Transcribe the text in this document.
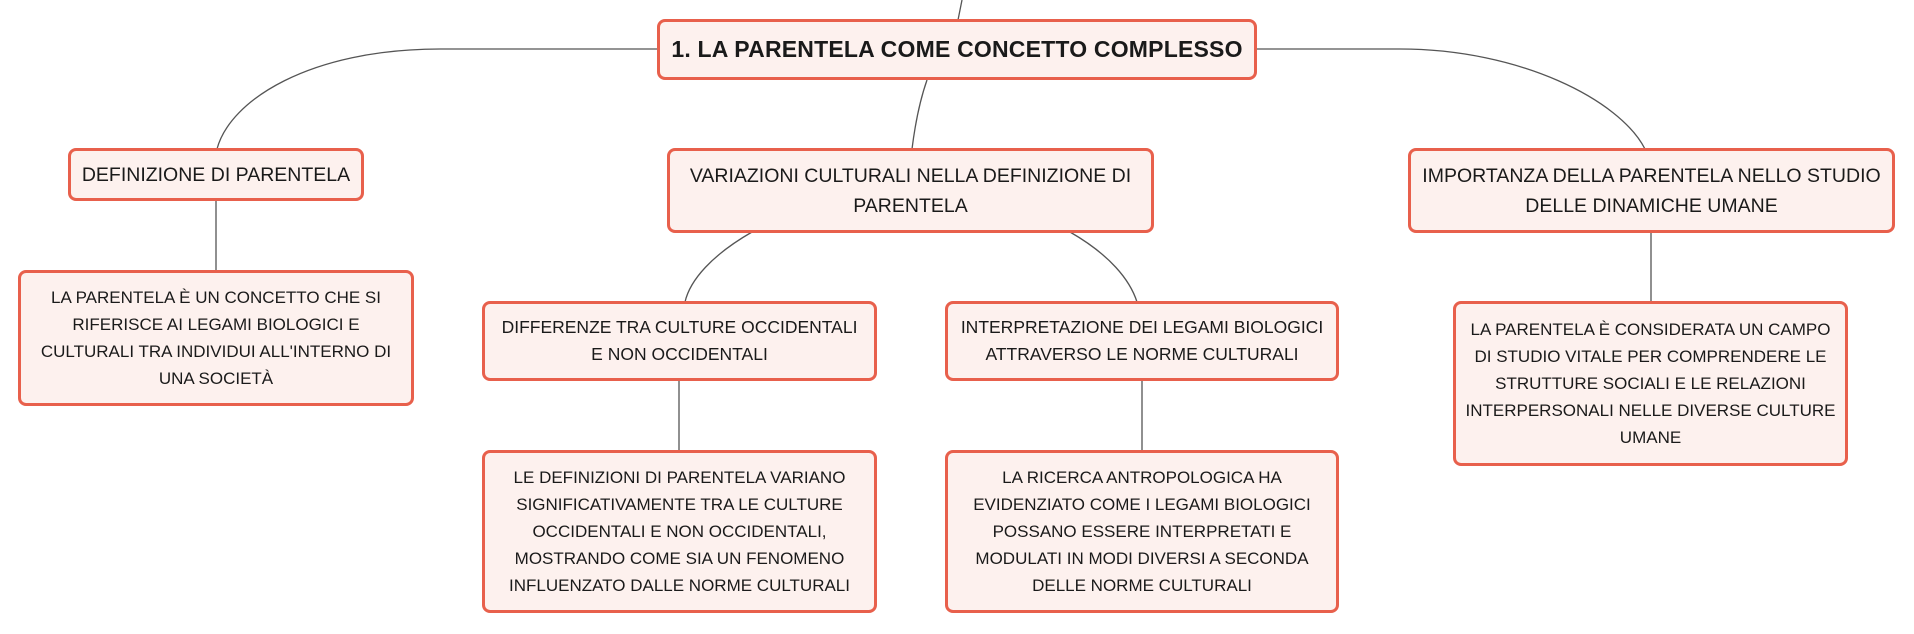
1. LA PARENTELA COME CONCETTO COMPLESSO
DEFINIZIONE DI PARENTELA	VARIAZIONI CULTURALI NELLA DEFINIZIONE DI PARENTELA
IMPORTANZA DELLA PARENTELA NELLO STUDIO DELLE DINAMICHE UMANE
LA PARENTELA È UN CONCETTO CHE SI RIFERISCE AI LEGAMI BIOLOGICI E CULTURALI TRA INDIVIDUI ALL'INTERNO DI UNA SOCIETÀ
DIFFERENZE TRA CULTURE OCCIDENTALI E NON OCCIDENTALI
INTERPRETAZIONE DEI LEGAMI BIOLOGICI ATTRAVERSO LE NORME CULTURALI
LA PARENTELA È CONSIDERATA UN CAMPO DI STUDIO VITALE PER COMPRENDERE LE STRUTTURE SOCIALI E LE RELAZIONI INTERPERSONALI NELLE DIVERSE CULTURE UMANE
LE DEFINIZIONI DI PARENTELA VARIANO SIGNIFICATIVAMENTE TRA LE CULTURE OCCIDENTALI E NON OCCIDENTALI, MOSTRANDO COME SIA UN FENOMENO INFLUENZATO DALLE NORME CULTURALI
LA RICERCA ANTROPOLOGICA HA EVIDENZIATO COME I LEGAMI BIOLOGICI POSSANO ESSERE INTERPRETATI E MODULATI IN MODI DIVERSI A SECONDA DELLE NORME CULTURALI
